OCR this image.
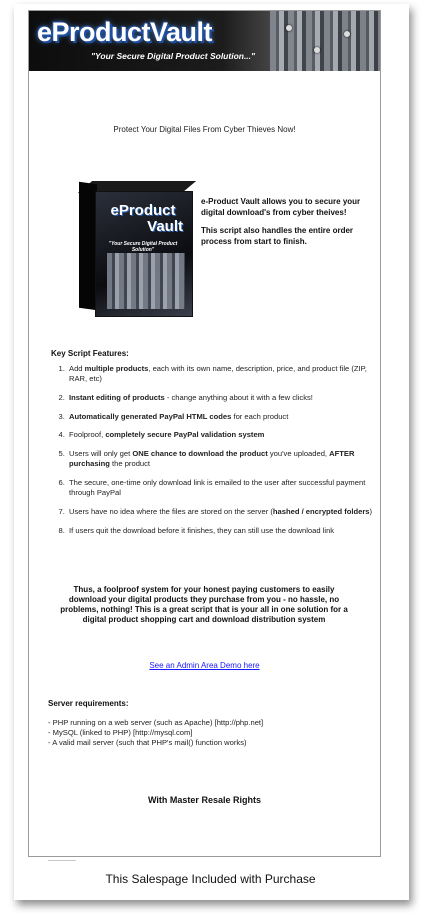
eProductVault
"Your Secure Digital Product Solution..."
Protect Your Digital Files From Cyber Thieves Now!
eProduct
Vault
"Your Secure Digital Product Solution"

e-Product Vault allows you to secure your digital download's from cyber theives!

This script also handles the entire order process from start to finish.

Key Script Features:
1. Add multiple products, each with its own name, description, price, and product file (ZIP, RAR, etc)
2. Instant editing of products - change anything about it with a few clicks!
3. Automatically generated PayPal HTML codes for each product
4. Foolproof, completely secure PayPal validation system
5. Users will only get ONE chance to download the product you've uploaded, AFTER purchasing the product
6. The secure, one-time only download link is emailed to the user after successful payment through PayPal
7. Users have no idea where the files are stored on the server (hashed / encrypted folders)
8. If users quit the download before it finishes, they can still use the download link
Thus, a foolproof system for your honest paying customers to easily download your digital products they purchase from you - no hassle, no problems, nothing! This is a great script that is your all in one solution for a digital product shopping cart and download distribution system
See an Admin Area Demo here
Server requirements:
- PHP running on a web server (such as Apache) [http://php.net]
- MySQL (linked to PHP) [http://mysql.com]
- A valid mail server (such that PHP's mail() function works)
With Master Resale Rights
This Salespage Included with Purchase
